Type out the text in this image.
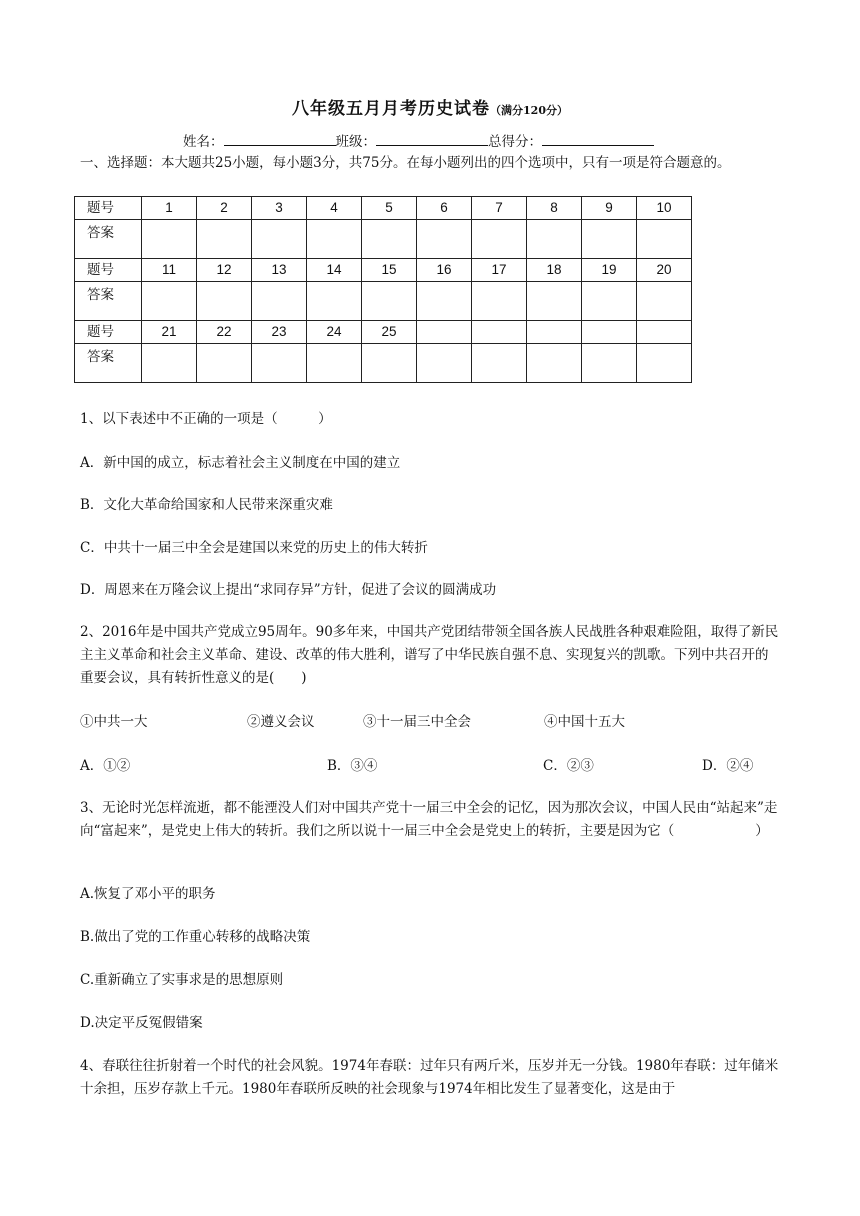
八年级五月月考历史试卷（满分120分）
姓名：	班级：	总得分：
一、选择题：本大题共25小题，每小题3分，共75分。在每小题列出的四个选项中，只有一项是符合题意的。
题号	1	2	3	4	5	6	7	8	9	10
答案										
题号	11	12	13	14	15	16	17	18	19	20
答案										
题号	21	22	23	24	25					
答案										
1、以下表述中不正确的一项是（　　　）
A．新中国的成立，标志着社会主义制度在中国的建立
B．文化大革命给国家和人民带来深重灾难
C．中共十一届三中全会是建国以来党的历史上的伟大转折
D．周恩来在万隆会议上提出“求同存异”方针，促进了会议的圆满成功
2、2016年是中国共产党成立95周年。90多年来，中国共产党团结带领全国各族人民战胜各种艰难险阻，取得了新民主主义革命和社会主义革命、建设、改革的伟大胜利，谱写了中华民族自强不息、实现复兴的凯歌。下列中共召开的重要会议，具有转折性意义的是(　　)
①中共一大	②遵义会议	③十一届三中全会	④中国十五大
A．①②	B．③④	C．②③	D．②④
3、无论时光怎样流逝，都不能湮没人们对中国共产党十一届三中全会的记忆，因为那次会议，中国人民由“站起来”走向“富起来”，是党史上伟大的转折。我们之所以说十一届三中全会是党史上的转折，主要是因为它（　　　　　　）
A.恢复了邓小平的职务
B.做出了党的工作重心转移的战略决策
C.重新确立了实事求是的思想原则
D.决定平反冤假错案
4、春联往往折射着一个时代的社会风貌。1974年春联：过年只有两斤米，压岁并无一分钱。1980年春联：过年储米十余担，压岁存款上千元。1980年春联所反映的社会现象与1974年相比发生了显著变化，这是由于
